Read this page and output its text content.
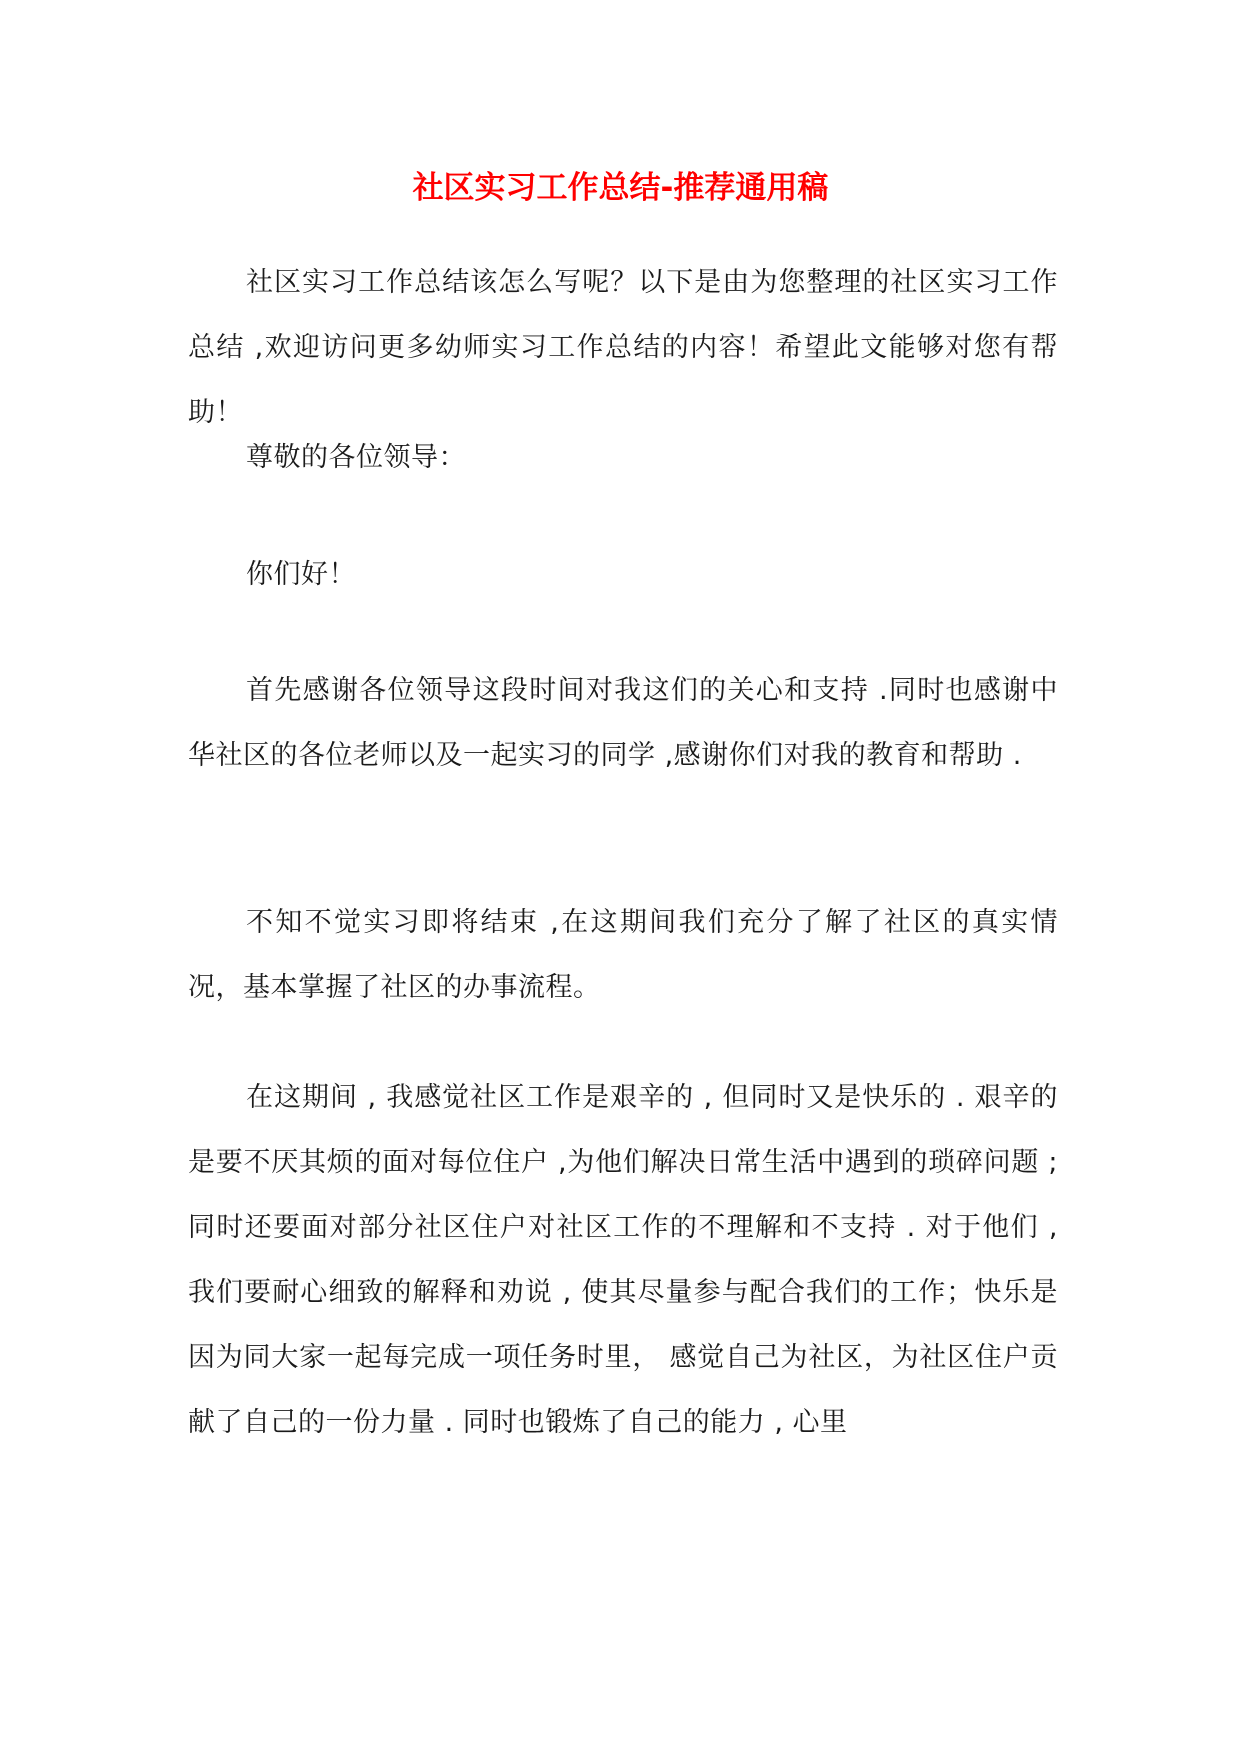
社区实习工作总结-推荐通用稿

社区实习工作总结该怎么写呢？以下是由为您整理的社区实习工作总结 ,欢迎访问更多幼师实习工作总结的内容！希望此文能够对您有帮助！

尊敬的各位领导：

你们好！

首先感谢各位领导这段时间对我这们的关心和支持 .同时也感谢中华社区的各位老师以及一起实习的同学 ,感谢你们对我的教育和帮助 .

不知不觉实习即将结束 ,在这期间我们充分了解了社区的真实情况，基本掌握了社区的办事流程。

在这期间 , 我感觉社区工作是艰辛的 , 但同时又是快乐的 . 艰辛的是要不厌其烦的面对每位住户 ,为他们解决日常生活中遇到的琐碎问题 ; 同时还要面对部分社区住户对社区工作的不理解和不支持 . 对于他们 , 我们要耐心细致的解释和劝说 , 使其尽量参与配合我们的工作；快乐是因为同大家一起每完成一项任务时里， 感觉自己为社区，为社区住户贡献了自己的一份力量 . 同时也锻炼了自己的能力 , 心里
